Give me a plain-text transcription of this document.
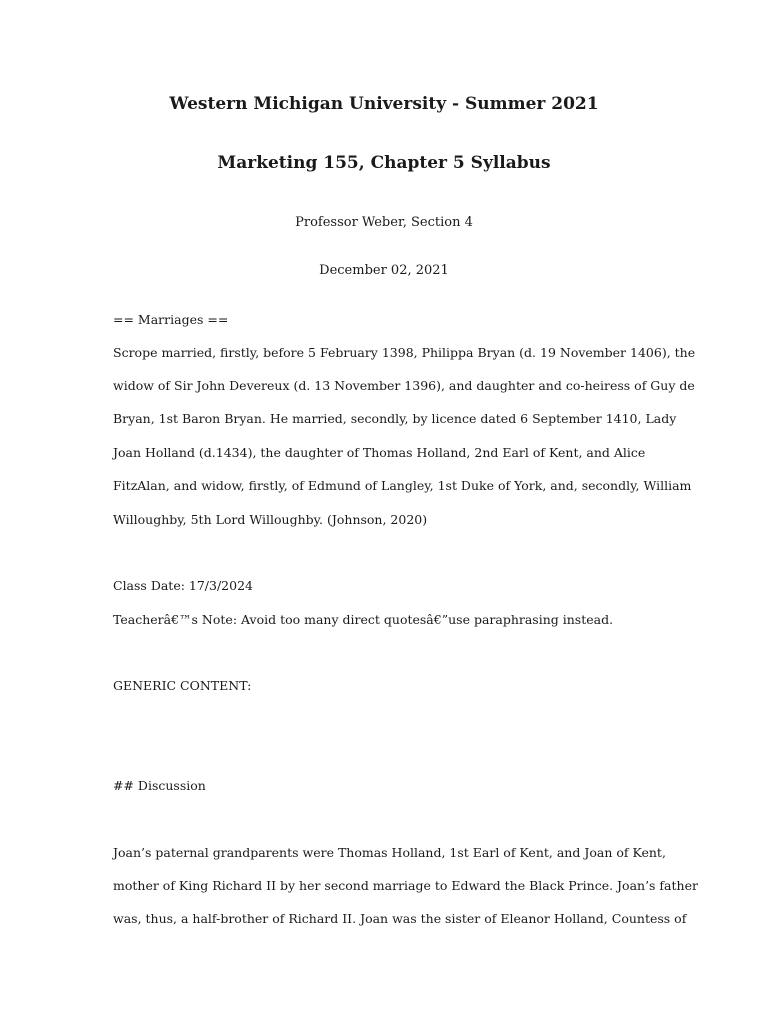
Western Michigan University - Summer 2021
Marketing 155, Chapter 5 Syllabus
Professor Weber, Section 4
December 02, 2021
== Marriages ==
Scrope married, firstly, before 5 February 1398, Philippa Bryan (d. 19 November 1406), the
widow of Sir John Devereux (d. 13 November 1396), and daughter and co-heiress of Guy de
Bryan, 1st Baron Bryan. He married, secondly, by licence dated 6 September 1410, Lady
Joan Holland (d.1434), the daughter of Thomas Holland, 2nd Earl of Kent, and Alice
FitzAlan, and widow, firstly, of Edmund of Langley, 1st Duke of York, and, secondly, William
Willoughby, 5th Lord Willoughby. (Johnson, 2020)
Class Date: 17/3/2024
Teacherâ€™s Note: Avoid too many direct quotesâ€”use paraphrasing instead.
GENERIC CONTENT:
## Discussion
Joan’s paternal grandparents were Thomas Holland, 1st Earl of Kent, and Joan of Kent,
mother of King Richard II by her second marriage to Edward the Black Prince. Joan’s father
was, thus, a half-brother of Richard II. Joan was the sister of Eleanor Holland, Countess of
